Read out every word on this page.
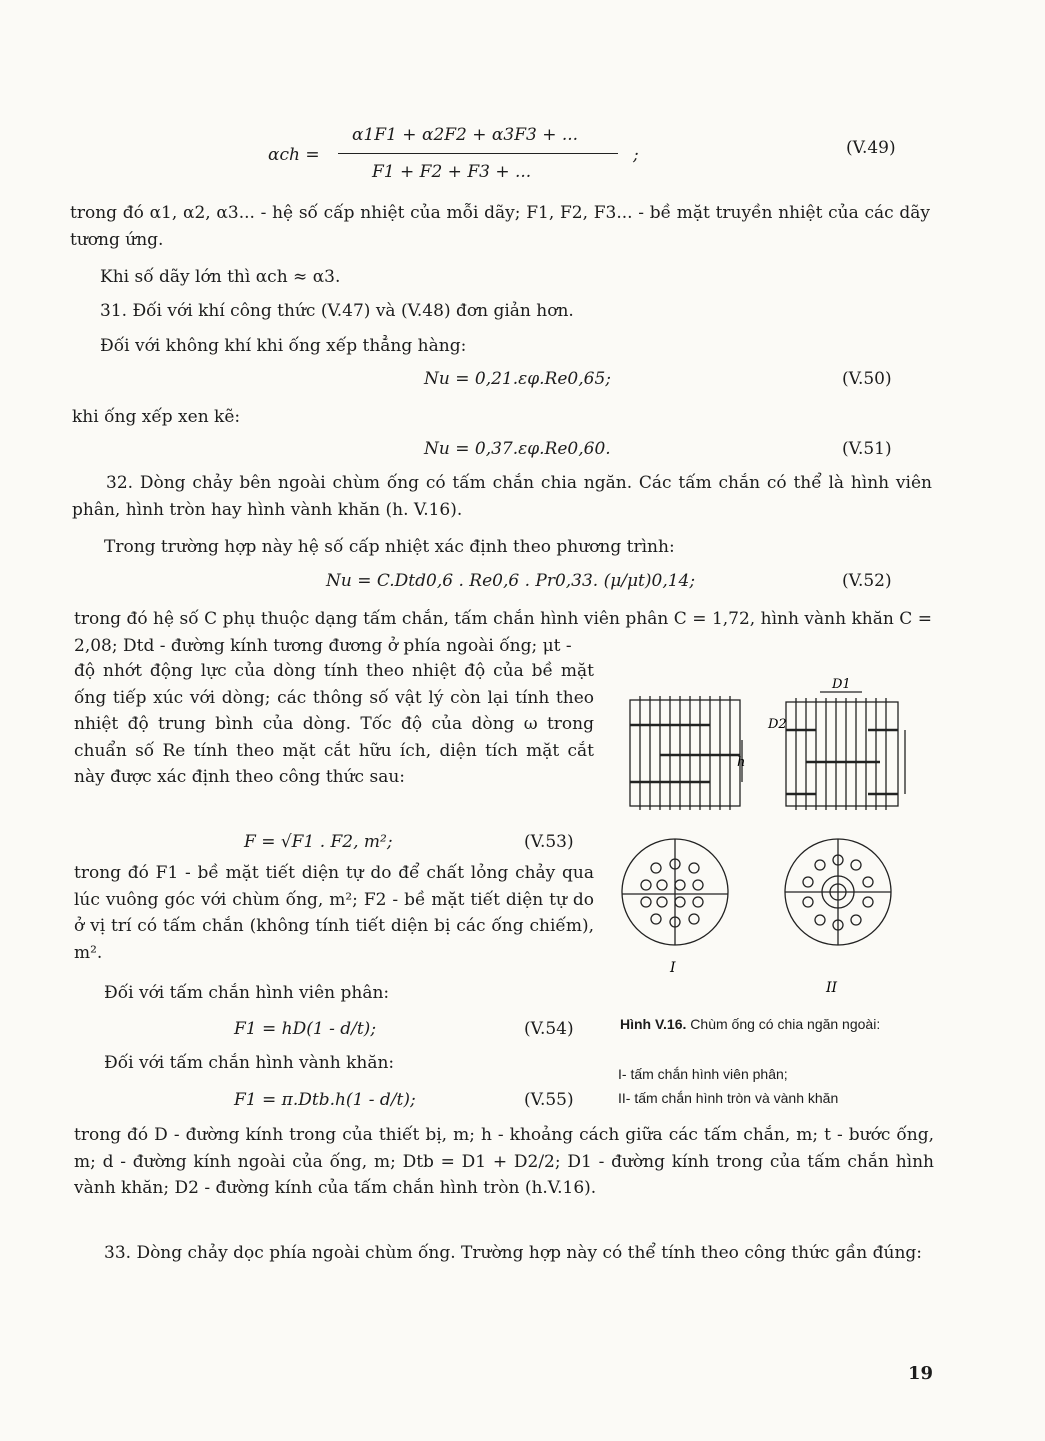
αch =
α1F1 + α2F2 + α3F3 + ...
F1 + F2 + F3 + ...
;	(V.49)
trong đó α1, α2, α3... - hệ số cấp nhiệt của mỗi dãy; F1, F2, F3... - bề mặt truyền nhiệt của các dãy tương ứng.
Khi số dãy lớn thì αch ≈ α3.
31. Đối với khí công thức (V.47) và (V.48) đơn giản hơn.
Đối với không khí khi ống xếp thẳng hàng:
Nu = 0,21.εφ.Re0,65;	(V.50)
khi ống xếp xen kẽ:
Nu = 0,37.εφ.Re0,60.	(V.51)
32. Dòng chảy bên ngoài chùm ống có tấm chắn chia ngăn. Các tấm chắn có thể là hình viên phân, hình tròn hay hình vành khăn (h. V.16).
Trong trường hợp này hệ số cấp nhiệt xác định theo phương trình:
Nu = C.Dtd0,6 . Re0,6 . Pr0,33. (μ/μt)0,14;	(V.52)
trong đó hệ số C phụ thuộc dạng tấm chắn, tấm chắn hình viên phân C = 1,72, hình vành khăn C = 2,08; Dtd - đường kính tương đương ở phía ngoài ống; μt -
độ nhớt động lực của dòng tính theo nhiệt độ của bề mặt ống tiếp xúc với dòng; các thông số vật lý còn lại tính theo nhiệt độ trung bình của dòng. Tốc độ của dòng ω trong chuẩn số Re tính theo mặt cắt hữu ích, diện tích mặt cắt này được xác định theo công thức sau:
F = √F1 . F2, m²;	(V.53)
trong đó F1 - bề mặt tiết diện tự do để chất lỏng chảy qua lúc vuông góc với chùm ống, m²; F2 - bề mặt tiết diện tự do ở vị trí có tấm chắn (không tính tiết diện bị các ống chiếm), m².
Đối với tấm chắn hình viên phân:
F1 = hD(1 - d/t);	(V.54)
Đối với tấm chắn hình vành khăn:
F1 = π.Dtb.h(1 - d/t);	(V.55)
trong đó D - đường kính trong của thiết bị, m; h - khoảng cách giữa các tấm chắn, m; t - bước ống, m; d - đường kính ngoài của ống, m; Dtb = D1 + D2/2; D1 - đường kính trong của tấm chắn hình vành khăn; D2 - đường kính của tấm chắn hình tròn (h.V.16).
33. Dòng chảy dọc phía ngoài chùm ống. Trường hợp này có thể tính theo công thức gần đúng:
h
D1
D2
I
II
Hình V.16. Chùm ống có chia ngăn ngoài:
I- tấm chắn hình viên phân;
II- tấm chắn hình tròn và vành khăn
19
